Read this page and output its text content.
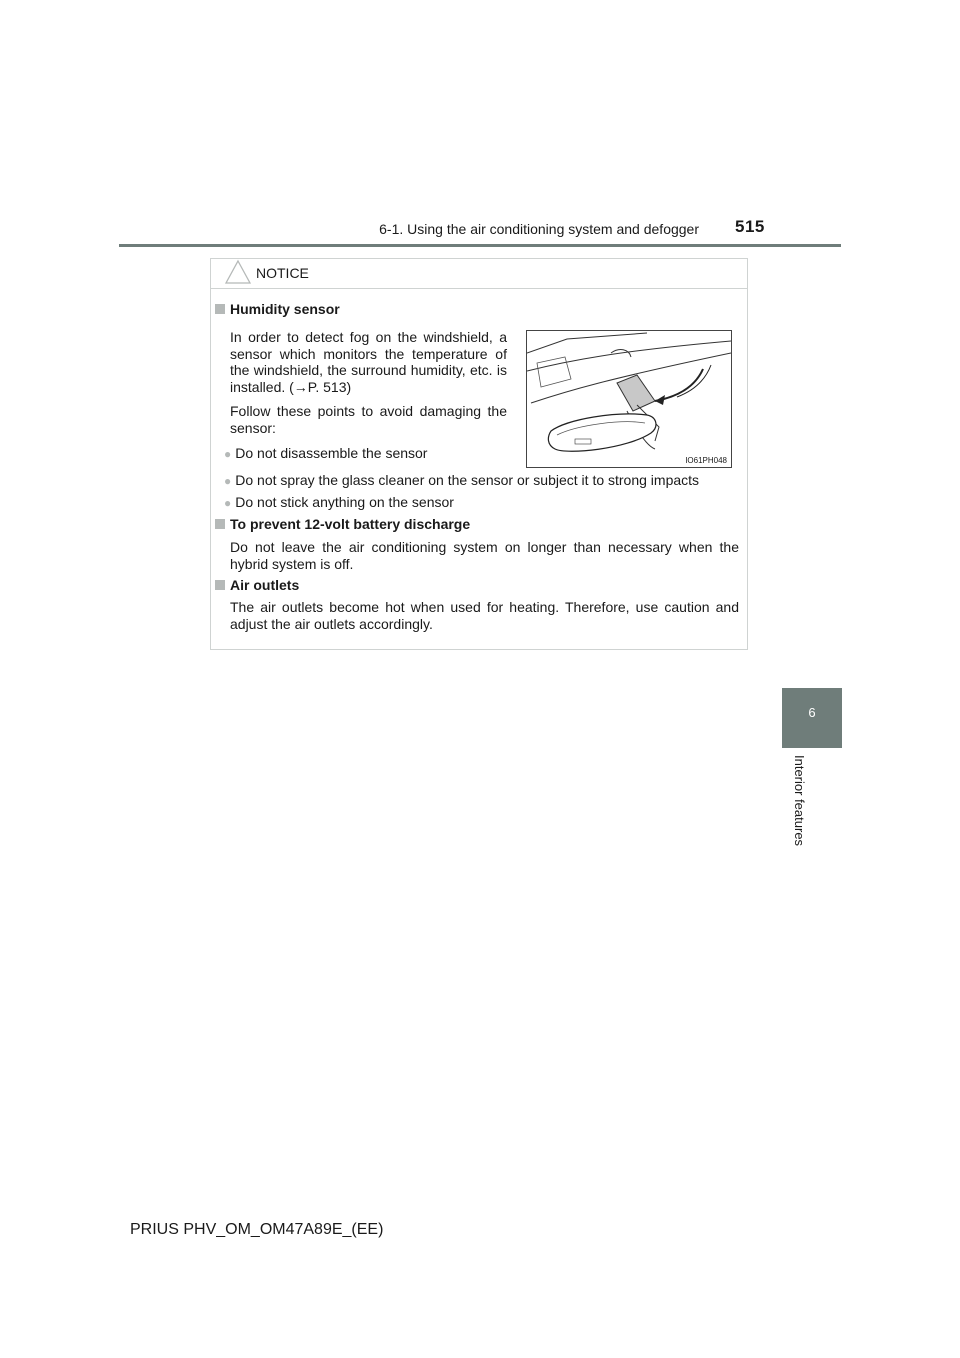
6-1. Using the air conditioning system and defogger 515
6
Interior features
NOTICE
Humidity sensor
In order to detect fog on the windshield, a sensor which monitors the temperature of the windshield, the surround humidity, etc. is installed. (→P. 513)
Follow these points to avoid damaging the sensor:
● Do not disassemble the sensor
● Do not spray the glass cleaner on the sensor or subject it to strong impacts
● Do not stick anything on the sensor
IO61PH048
To prevent 12-volt battery discharge
Do not leave the air conditioning system on longer than necessary when the hybrid system is off.
Air outlets
The air outlets become hot when used for heating. Therefore, use caution and adjust the air outlets accordingly.
PRIUS PHV_OM_OM47A89E_(EE)
